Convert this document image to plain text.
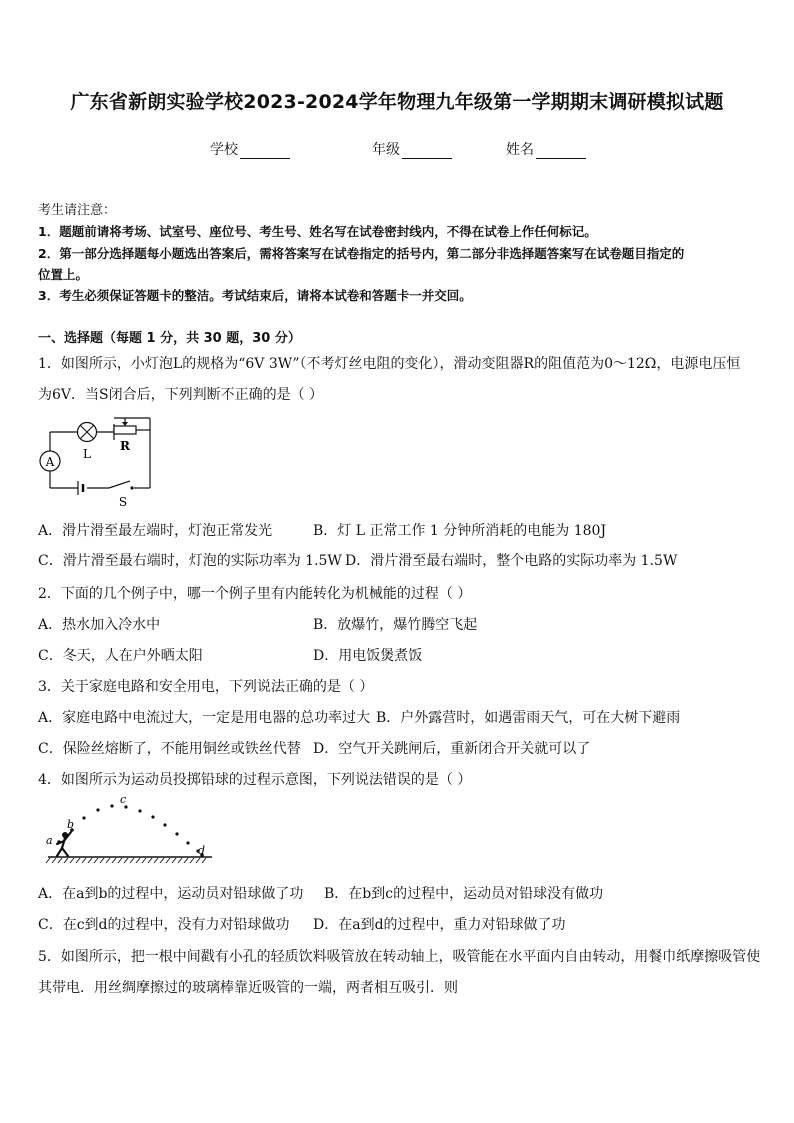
广东省新朗实验学校2023-2024学年物理九年级第一学期期末调研模拟试题
学校	年级	姓名
考生请注意：
1．题题前请将考场、试室号、座位号、考生号、姓名写在试卷密封线内，不得在试卷上作任何标记。
2．第一部分选择题每小题选出答案后，需将答案写在试卷指定的括号内，第二部分非选择题答案写在试卷题目指定的
位置上。
3．考生必须保证答题卡的整洁。考试结束后，请将本试卷和答题卡一并交回。
一、选择题（每题 1 分，共 30 题，30 分）
1．如图所示，小灯泡L的规格为“6V 3W”（不考灯丝电阻的变化），滑动变阻器R的阻值范为0～12Ω，电源电压恒
为6V．当S闭合后，下列判断不正确的是（ ）
A
L
R
S
A．滑片滑至最左端时，灯泡正常发光	B．灯 L 正常工作 1 分钟所消耗的电能为 180J
C．滑片滑至最右端时，灯泡的实际功率为 1.5W D．滑片滑至最右端时，整个电路的实际功率为 1.5W
2．下面的几个例子中，哪一个例子里有内能转化为机械能的过程（ ）
A．热水加入冷水中	B．放爆竹，爆竹腾空飞起
C．冬天，人在户外晒太阳	D．用电饭煲煮饭
3．关于家庭电路和安全用电，下列说法正确的是（ ）
A．家庭电路中电流过大，一定是用电器的总功率过大 B．户外露营时，如遇雷雨天气，可在大树下避雨
C．保险丝熔断了，不能用铜丝或铁丝代替 D．空气开关跳闸后，重新闭合开关就可以了
4．如图所示为运动员投掷铅球的过程示意图，下列说法错误的是（ ）
a
b
c
d
A．在a到b的过程中，运动员对铅球做了功 B．在b到c的过程中，运动员对铅球没有做功
C．在c到d的过程中，没有力对铅球做功 D．在a到d的过程中，重力对铅球做了功
5．如图所示，把一根中间戳有小孔的轻质饮料吸管放在转动轴上，吸管能在水平面内自由转动，用餐巾纸摩擦吸管使
其带电．用丝绸摩擦过的玻璃棒靠近吸管的一端，两者相互吸引．则
